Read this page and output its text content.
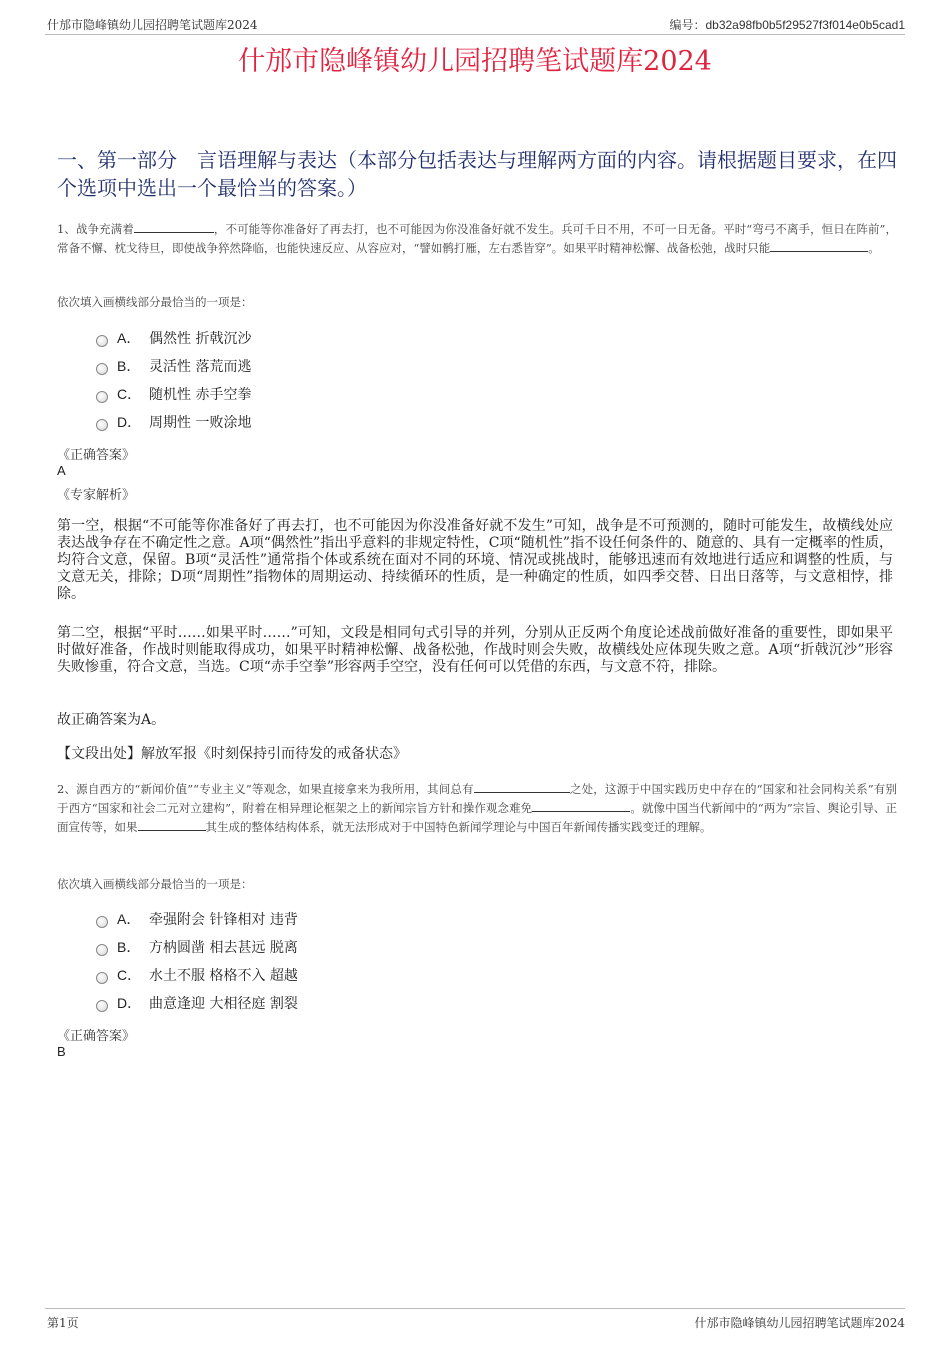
什邡市隐峰镇幼儿园招聘笔试题库2024	编号：db32a98fb0b5f29527f3f014e0b5cad1
什邡市隐峰镇幼儿园招聘笔试题库2024
一、第一部分　言语理解与表达（本部分包括表达与理解两方面的内容。请根据题目要求，在四个选项中选出一个最恰当的答案。）
1、战争充满着	，不可能等你准备好了再去打，也不可能因为你没准备好就不发生。兵可千日不用，不可一日无备。平时“弯弓不离手，恒日在阵前”，常备不懈、枕戈待旦，即使战争猝然降临，也能快速反应、从容应对，“譬如鹘打雁，左右悉皆穿”。如果平时精神松懈、战备松弛，战时只能	。
依次填入画横线部分最恰当的一项是：
A． 偶然性 折戟沉沙
B． 灵活性 落荒而逃
C． 随机性 赤手空拳
D． 周期性 一败涂地
《正确答案》
A
《专家解析》
第一空，根据“不可能等你准备好了再去打，也不可能因为你没准备好就不发生”可知，战争是不可预测的，随时可能发生，故横线处应表达战争存在不确定性之意。A项“偶然性”指出乎意料的非规定特性，C项“随机性”指不设任何条件的、随意的、具有一定概率的性质，均符合文意，保留。B项“灵活性”通常指个体或系统在面对不同的环境、情况或挑战时，能够迅速而有效地进行适应和调整的性质，与文意无关，排除；D项“周期性”指物体的周期运动、持续循环的性质，是一种确定的性质，如四季交替、日出日落等，与文意相悖，排除。
第二空，根据“平时……如果平时……”可知，文段是相同句式引导的并列，分别从正反两个角度论述战前做好准备的重要性，即如果平时做好准备，作战时则能取得成功，如果平时精神松懈、战备松弛，作战时则会失败，故横线处应体现失败之意。A项“折戟沉沙”形容失败惨重，符合文意，当选。C项“赤手空拳”形容两手空空，没有任何可以凭借的东西，与文意不符，排除。
故正确答案为A。
【文段出处】解放军报《时刻保持引而待发的戒备状态》
2、源自西方的“新闻价值”“专业主义”等观念，如果直接拿来为我所用，其间总有	之处，这源于中国实践历史中存在的“国家和社会同构关系”有别于西方“国家和社会二元对立建构”，附着在相异理论框架之上的新闻宗旨方针和操作观念难免	。就像中国当代新闻中的“两为”宗旨、舆论引导、正面宣传等，如果	其生成的整体结构体系，就无法形成对于中国特色新闻学理论与中国百年新闻传播实践变迁的理解。
依次填入画横线部分最恰当的一项是：
A． 牵强附会 针锋相对 违背
B． 方枘圆凿 相去甚远 脱离
C． 水土不服 格格不入 超越
D． 曲意逢迎 大相径庭 割裂
《正确答案》
B
第1页	什邡市隐峰镇幼儿园招聘笔试题库2024
